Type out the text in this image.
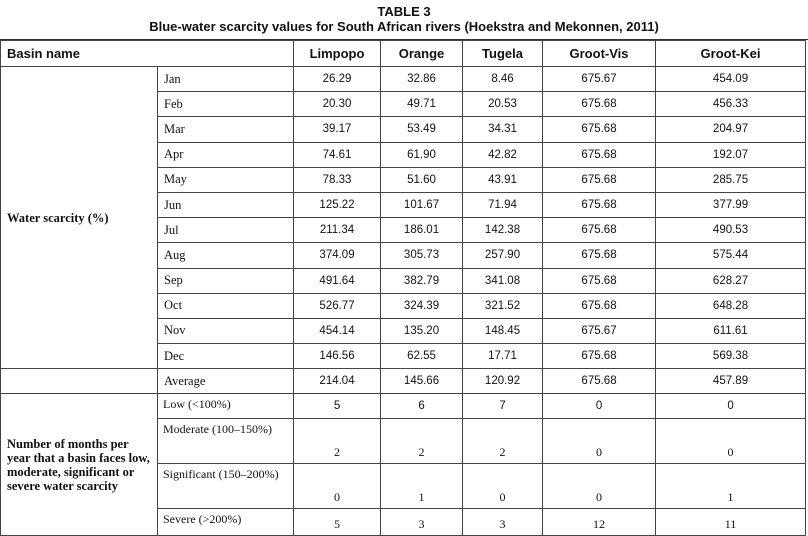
TABLE 3
Blue-water scarcity values for South African rivers (Hoekstra and Mekonnen, 2011)
Basin name		Limpopo	Orange	Tugela	Groot-Vis	Groot-Kei
Water scarcity (%)	Jan	26.29	32.86	8.46	675.67	454.09
	Feb	20.30	49.71	20.53	675.68	456.33
	Mar	39.17	53.49	34.31	675.68	204.97
	Apr	74.61	61.90	42.82	675.68	192.07
	May	78.33	51.60	43.91	675.68	285.75
	Jun	125.22	101.67	71.94	675.68	377.99
	Jul	211.34	186.01	142.38	675.68	490.53
	Aug	374.09	305.73	257.90	675.68	575.44
	Sep	491.64	382.79	341.08	675.68	628.27
	Oct	526.77	324.39	321.52	675.68	648.28
	Nov	454.14	135.20	148.45	675.67	611.61
	Dec	146.56	62.55	17.71	675.68	569.38
	Average	214.04	145.66	120.92	675.68	457.89
Number of months per year that a basin faces low, moderate, significant or severe water scarcity	Low (<100%)	5	6	7	0	0
	Moderate (100–150%)	2	2	2	0	0
	Significant (150–200%)	0	1	0	0	1
	Severe (>200%)	5	3	3	12	11
